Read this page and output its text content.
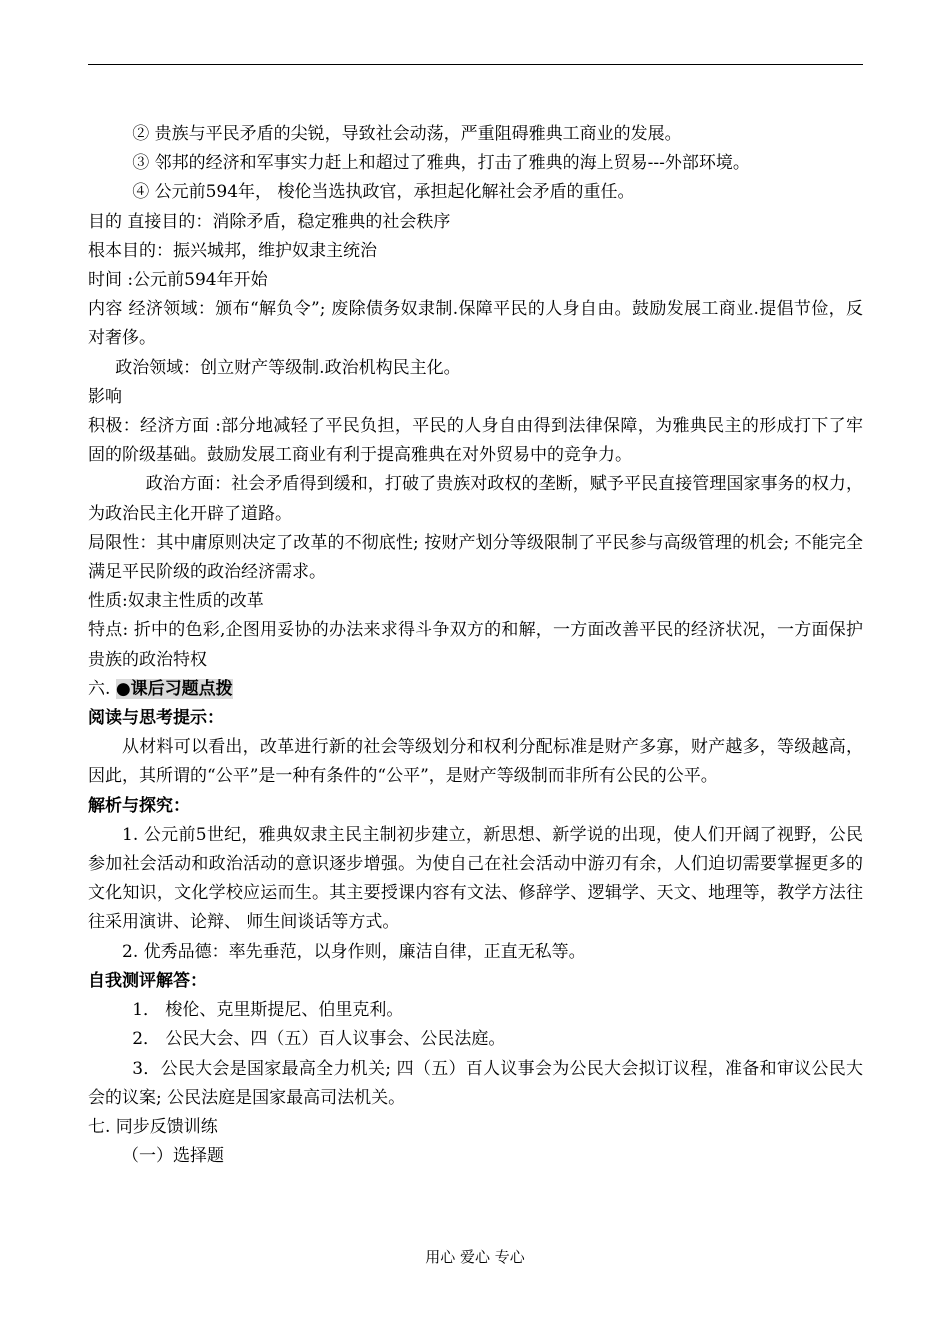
② 贵族与平民矛盾的尖锐，导致社会动荡，严重阻碍雅典工商业的发展。

③ 邻邦的经济和军事实力赶上和超过了雅典，打击了雅典的海上贸易---外部环境。

④ 公元前594年， 梭伦当选执政官，承担起化解社会矛盾的重任。

目的 直接目的：消除矛盾，稳定雅典的社会秩序

根本目的：振兴城邦，维护奴隶主统治

时间 :公元前594年开始

内容 经济领域：颁布“解负令”; 废除债务奴隶制.保障平民的人身自由。鼓励发展工商业.提倡节俭，反对奢侈。

政治领域：创立财产等级制.政治机构民主化。

影响

积极：经济方面 :部分地减轻了平民负担，平民的人身自由得到法律保障，为雅典民主的形成打下了牢固的阶级基础。鼓励发展工商业有利于提高雅典在对外贸易中的竞争力。

政治方面：社会矛盾得到缓和，打破了贵族对政权的垄断，赋予平民直接管理国家事务的权力，为政治民主化开辟了道路。

局限性：其中庸原则决定了改革的不彻底性; 按财产划分等级限制了平民参与高级管理的机会; 不能完全满足平民阶级的政治经济需求。

性质:奴隶主性质的改革

特点: 折中的色彩,企图用妥协的办法来求得斗争双方的和解，一方面改善平民的经济状况，一方面保护贵族的政治特权

六. ●课后习题点拨

阅读与思考提示：

从材料可以看出，改革进行新的社会等级划分和权利分配标准是财产多寡，财产越多，等级越高，因此，其所谓的“公平”是一种有条件的“公平”，是财产等级制而非所有公民的公平。

解析与探究：

1. 公元前5世纪，雅典奴隶主民主制初步建立，新思想、新学说的出现，使人们开阔了视野，公民参加社会活动和政治活动的意识逐步增强。为使自己在社会活动中游刃有余，人们迫切需要掌握更多的文化知识，文化学校应运而生。其主要授课内容有文法、修辞学、逻辑学、天文、地理等，教学方法往往采用演讲、论辩、 师生间谈话等方式。

2. 优秀品德：率先垂范，以身作则，廉洁自律，正直无私等。

自我测评解答：

1． 梭伦、克里斯提尼、伯里克利。

2． 公民大会、四（五）百人议事会、公民法庭。

3．公民大会是国家最高全力机关; 四（五）百人议事会为公民大会拟订议程，准备和审议公民大会的议案; 公民法庭是国家最高司法机关。

七. 同步反馈训练

（一）选择题

用心 爱心 专心
